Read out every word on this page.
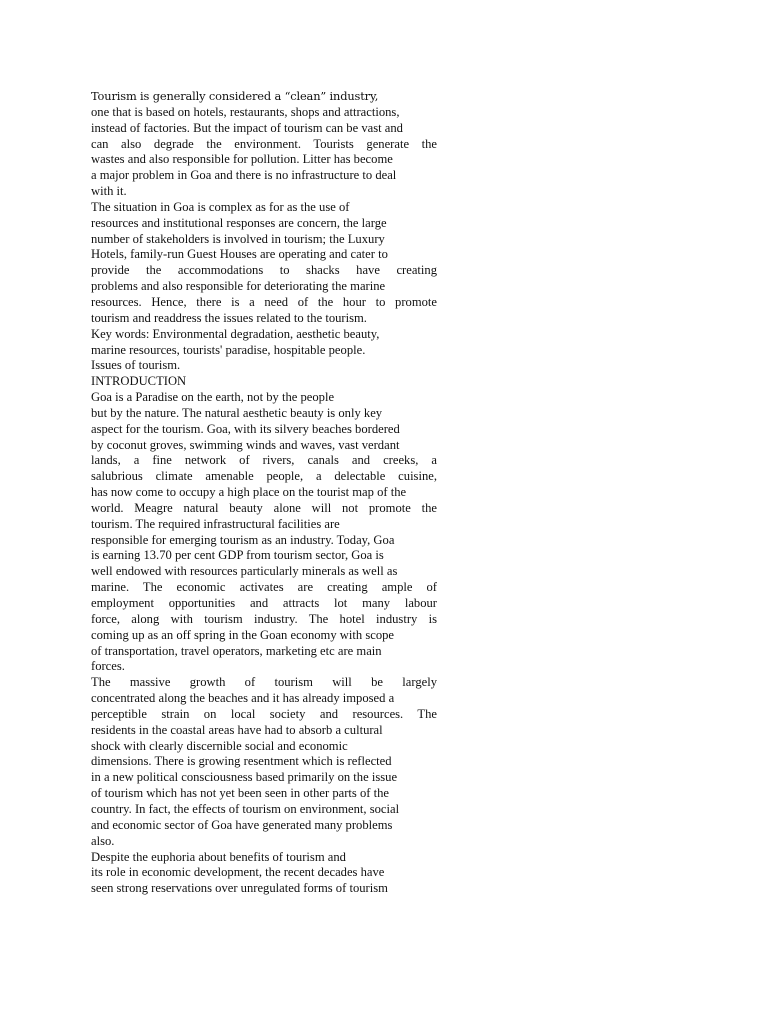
Tourism is generally considered a “clean” industry,
one that is based on hotels, restaurants, shops and attractions,
instead of factories. But the impact of tourism can be vast and
can also degrade the environment. Tourists generate the
wastes and also responsible for pollution. Litter has become
a major problem in Goa and there is no infrastructure to deal
with it.
The situation in Goa is complex as for as the use of
resources and institutional responses are concern, the large
number of stakeholders is involved in tourism; the Luxury
Hotels, family-run Guest Houses are operating and cater to
provide the accommodations to shacks have creating
problems and also responsible for deteriorating the marine
resources. Hence, there is a need of the hour to promote
tourism and readdress the issues related to the tourism.
Key words: Environmental degradation, aesthetic beauty,
marine resources, tourists' paradise, hospitable people.
Issues of tourism.
INTRODUCTION
Goa is a Paradise on the earth, not by the people
but by the nature. The natural aesthetic beauty is only key
aspect for the tourism. Goa, with its silvery beaches bordered
by coconut groves, swimming winds and waves, vast verdant
lands, a fine network of rivers, canals and creeks, a
salubrious climate amenable people, a delectable cuisine,
has now come to occupy a high place on the tourist map of the
world. Meagre natural beauty alone will not promote the
tourism. The required infrastructural facilities are
responsible for emerging tourism as an industry. Today, Goa
is earning 13.70 per cent GDP from tourism sector, Goa is
well endowed with resources particularly minerals as well as
marine. The economic activates are creating ample of
employment opportunities and attracts lot many labour
force, along with tourism industry. The hotel industry is
coming up as an off spring in the Goan economy with scope
of transportation, travel operators, marketing etc are main
forces.
The massive growth of tourism will be largely
concentrated along the beaches and it has already imposed a
perceptible strain on local society and resources. The
residents in the coastal areas have had to absorb a cultural
shock with clearly discernible social and economic
dimensions. There is growing resentment which is reflected
in a new political consciousness based primarily on the issue
of tourism which has not yet been seen in other parts of the
country. In fact, the effects of tourism on environment, social
and economic sector of Goa have generated many problems
also.
Despite the euphoria about benefits of tourism and
its role in economic development, the recent decades have
seen strong reservations over unregulated forms of tourism
